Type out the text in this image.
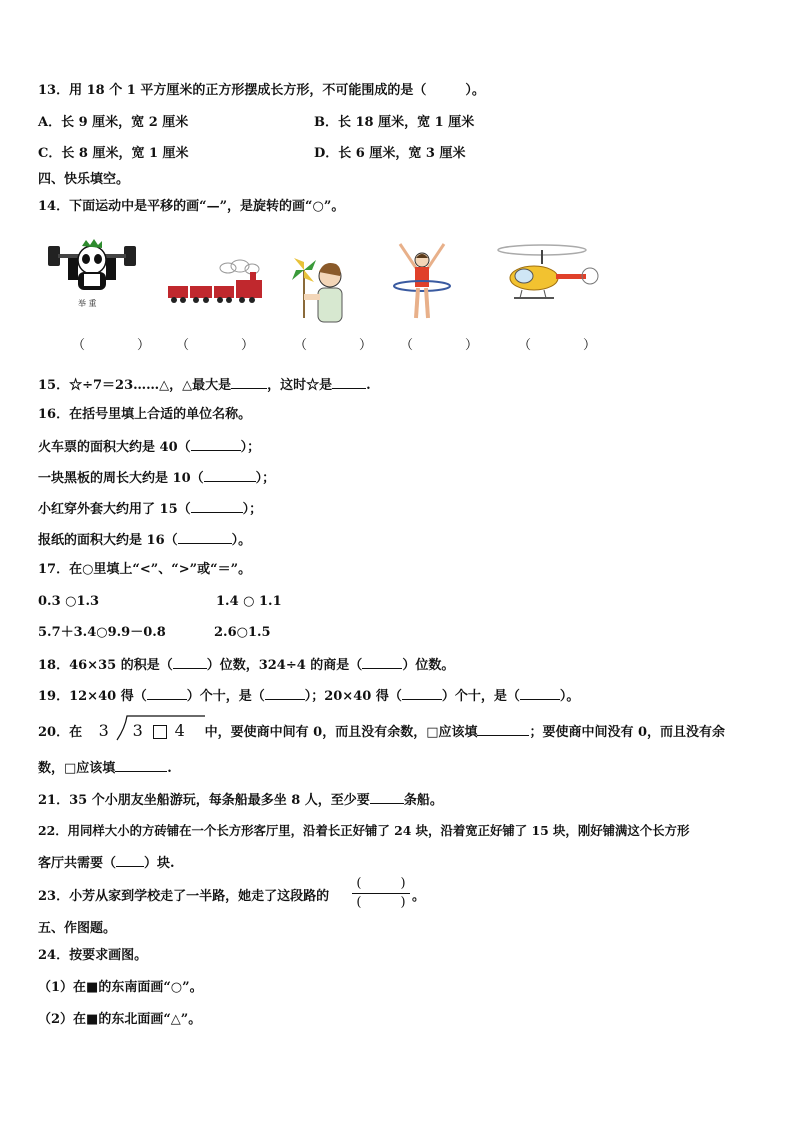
13．用 18 个 1 平方厘米的正方形摆成长方形，不可能围成的是（　　　）。
A．长 9 厘米，宽 2 厘米	B．长 18 厘米，宽 1 厘米
C．长 8 厘米，宽 1 厘米	D．长 6 厘米，宽 3 厘米
四、快乐填空。
14．下面运动中是平移的画“—”，是旋转的画“○”。
举 重
（　　　　） （　　　　）	（　　　　） （　　　　）	（　　　　）
15．☆÷7＝23……△，△最大是	，这时☆是	.
16．在括号里填上合适的单位名称。
火车票的面积大约是 40（	）；
一块黑板的周长大约是 10（	）；
小红穿外套大约用了 15（	）；
报纸的面积大约是 16（	）。
17．在○里填上“<”、“>”或“＝”。
0.3 ○1.3	1.4 ○ 1.1
5.7＋3.4○9.9－0.8	2.6○1.5
18．46×35 的积是（	）位数，324÷4 的商是（	）位数。
19．12×40 得（	）个十，是（	）；20×40 得（	）个十，是（	）。
20．在 3 3 4 中，要使商中间有 0，而且没有余数，□应该填	；要使商中间没有 0，而且没有余
数，□应该填	.
21．35 个小朋友坐船游玩，每条船最多坐 8 人，至少要	条船。
22．用同样大小的方砖铺在一个长方形客厅里，沿着长正好铺了 24 块，沿着宽正好铺了 15 块，刚好铺满这个长方形
客厅共需要（ ）块.
23．小芳从家到学校走了一半路，她走了这段路的
(　　　)
(　　　) 。
五、作图题。
24．按要求画图。
（1）在■的东南面画“○”。
（2）在■的东北面画“△”。
